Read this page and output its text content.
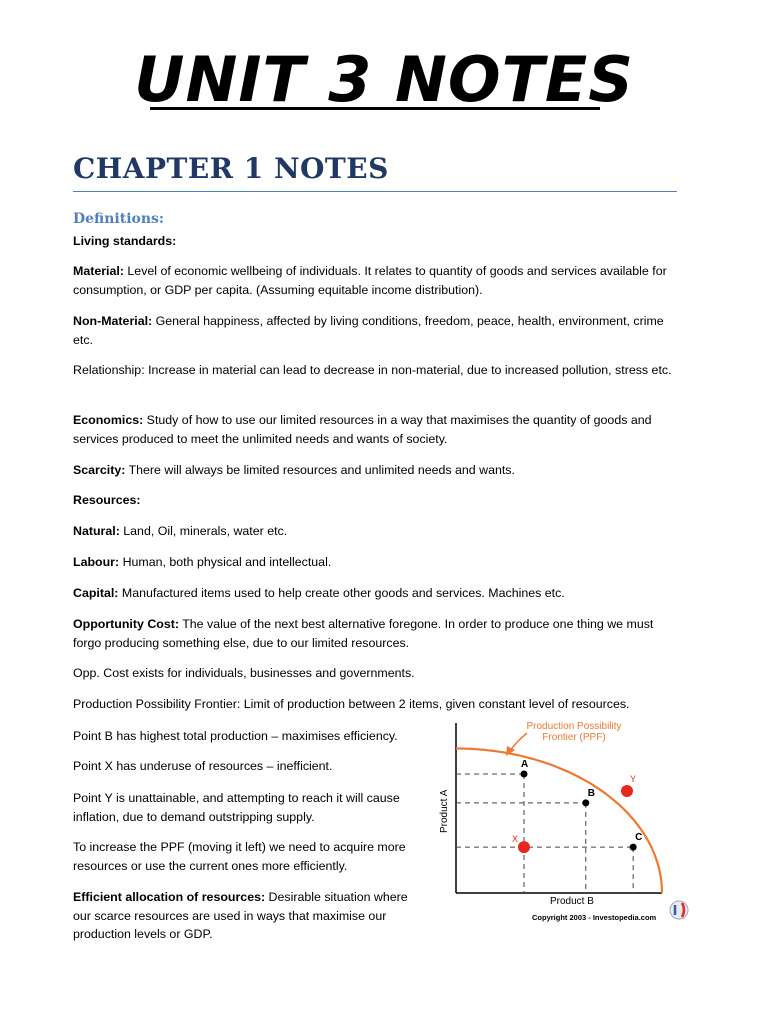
UNIT 3 NOTES
CHAPTER 1 NOTES
Definitions:

Living standards:

Material: Level of economic wellbeing of individuals. It relates to quantity of goods and services available for consumption, or GDP per capita. (Assuming equitable income distribution).

Non-Material: General happiness, affected by living conditions, freedom, peace, health, environment, crime etc.

Relationship: Increase in material can lead to decrease in non-material, due to increased pollution, stress etc.

Economics: Study of how to use our limited resources in a way that maximises the quantity of goods and services produced to meet the unlimited needs and wants of society.

Scarcity: There will always be limited resources and unlimited needs and wants.

Resources:

Natural: Land, Oil, minerals, water etc.

Labour: Human, both physical and intellectual.

Capital: Manufactured items used to help create other goods and services. Machines etc.

Opportunity Cost: The value of the next best alternative foregone. In order to produce one thing we must forgo producing something else, due to our limited resources.

Opp. Cost exists for individuals, businesses and governments.

Production Possibility Frontier: Limit of production between 2 items, given constant level of resources.

Point B has highest total production – maximises efficiency.

Point X has underuse of resources – inefficient.

Point Y is unattainable, and attempting to reach it will cause inflation, due to demand outstripping supply.

To increase the PPF (moving it left) we need to acquire more resources or use the current ones more efficiently.

Efficient allocation of resources: Desirable situation where our scarce resources are used in ways that maximise our production levels or GDP.

Production Possibility
Frontier (PPF)
A
B
C
X
Y
Product A
Product B
Copyright 2003 - Investopedia.com
